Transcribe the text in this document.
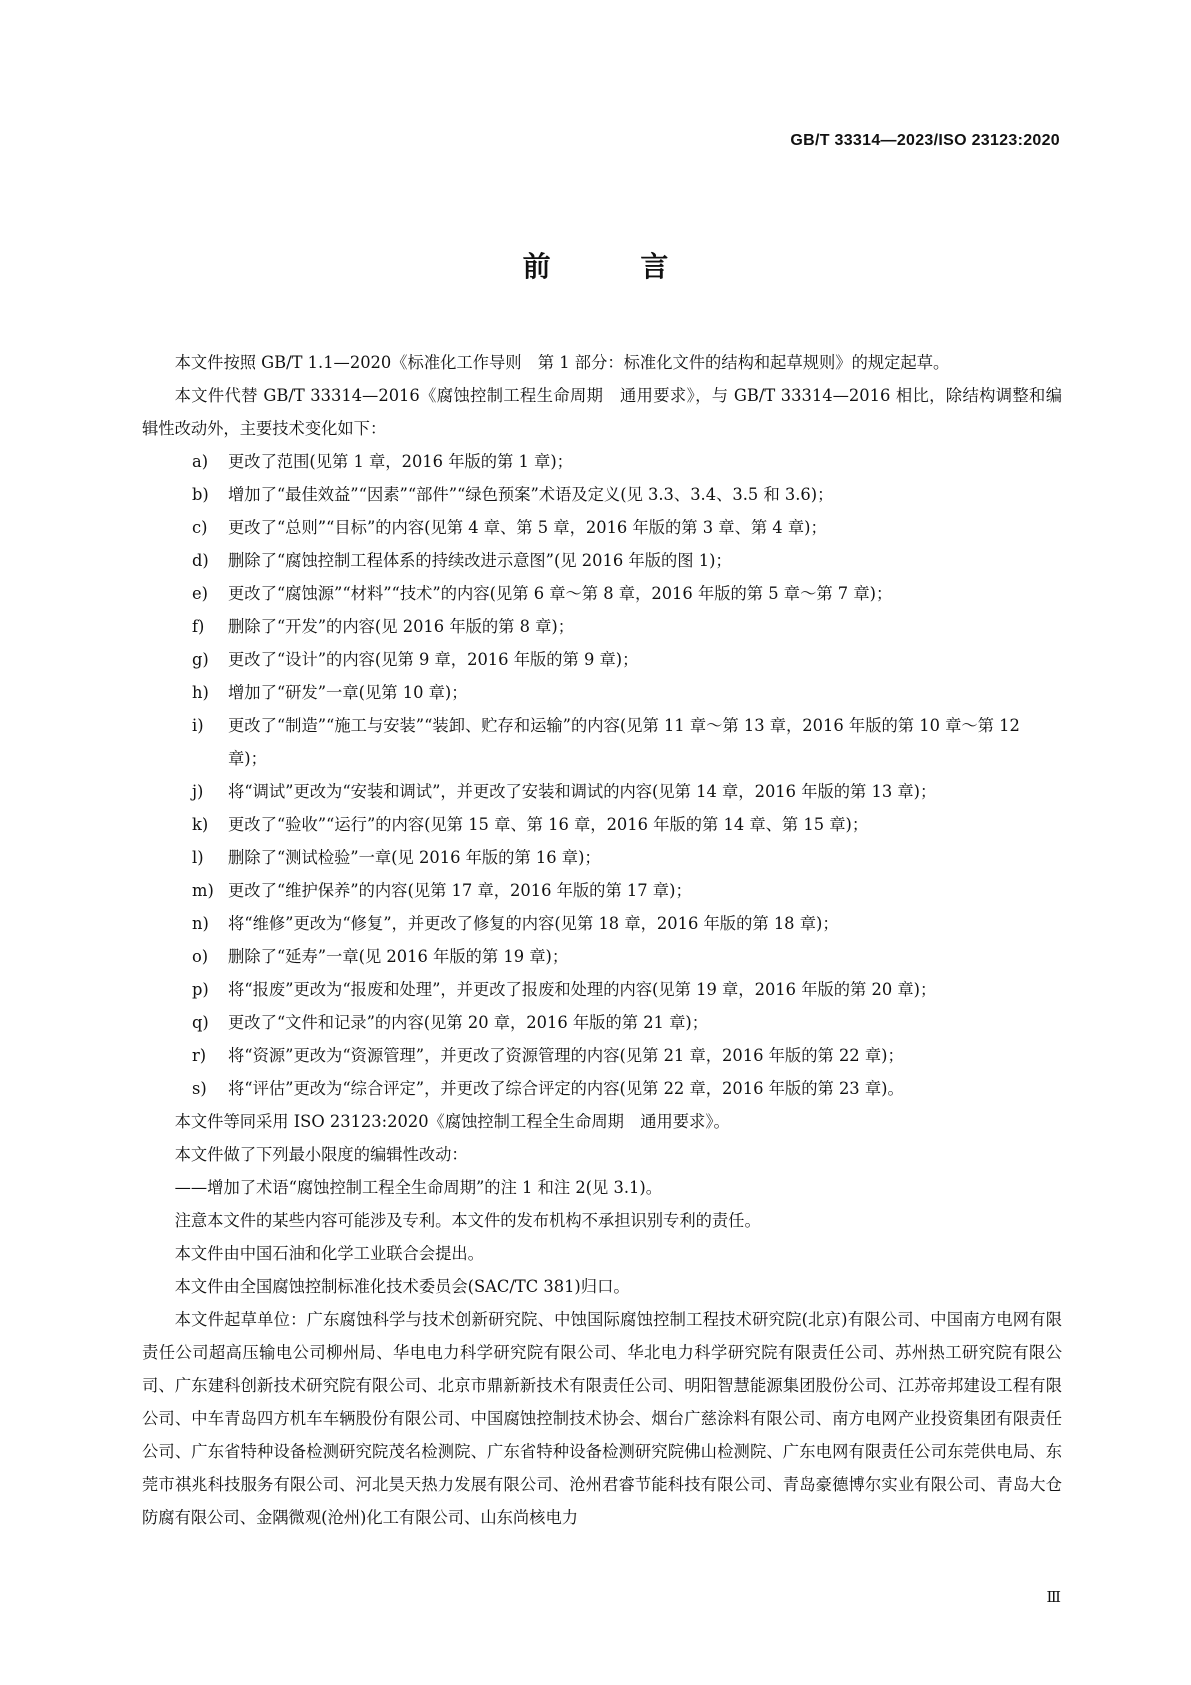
GB/T 33314—2023/ISO 23123:2020
前 言

本文件按照 GB/T 1.1—2020《标准化工作导则　第 1 部分：标准化文件的结构和起草规则》的规定起草。

本文件代替 GB/T 33314—2016《腐蚀控制工程生命周期　通用要求》，与 GB/T 33314—2016 相比，除结构调整和编辑性改动外，主要技术变化如下：

a) 更改了范围(见第 1 章，2016 年版的第 1 章)；

b) 增加了“最佳效益”“因素”“部件”“绿色预案”术语及定义(见 3.3、3.4、3.5 和 3.6)；

c) 更改了“总则”“目标”的内容(见第 4 章、第 5 章，2016 年版的第 3 章、第 4 章)；

d) 删除了“腐蚀控制工程体系的持续改进示意图”(见 2016 年版的图 1)；

e) 更改了“腐蚀源”“材料”“技术”的内容(见第 6 章～第 8 章，2016 年版的第 5 章～第 7 章)；

f) 删除了“开发”的内容(见 2016 年版的第 8 章)；

g) 更改了“设计”的内容(见第 9 章，2016 年版的第 9 章)；

h) 增加了“研发”一章(见第 10 章)；

i) 更改了“制造”“施工与安装”“装卸、贮存和运输”的内容(见第 11 章～第 13 章，2016 年版的第 10 章～第 12 章)；

j) 将“调试”更改为“安装和调试”，并更改了安装和调试的内容(见第 14 章，2016 年版的第 13 章)；

k) 更改了“验收”“运行”的内容(见第 15 章、第 16 章，2016 年版的第 14 章、第 15 章)；

l) 删除了“测试检验”一章(见 2016 年版的第 16 章)；

m) 更改了“维护保养”的内容(见第 17 章，2016 年版的第 17 章)；

n) 将“维修”更改为“修复”，并更改了修复的内容(见第 18 章，2016 年版的第 18 章)；

o) 删除了“延寿”一章(见 2016 年版的第 19 章)；

p) 将“报废”更改为“报废和处理”，并更改了报废和处理的内容(见第 19 章，2016 年版的第 20 章)；

q) 更改了“文件和记录”的内容(见第 20 章，2016 年版的第 21 章)；

r) 将“资源”更改为“资源管理”，并更改了资源管理的内容(见第 21 章，2016 年版的第 22 章)；

s) 将“评估”更改为“综合评定”，并更改了综合评定的内容(见第 22 章，2016 年版的第 23 章)。

本文件等同采用 ISO 23123:2020《腐蚀控制工程全生命周期　通用要求》。

本文件做了下列最小限度的编辑性改动：

——增加了术语“腐蚀控制工程全生命周期”的注 1 和注 2(见 3.1)。

注意本文件的某些内容可能涉及专利。本文件的发布机构不承担识别专利的责任。

本文件由中国石油和化学工业联合会提出。

本文件由全国腐蚀控制标准化技术委员会(SAC/TC 381)归口。

本文件起草单位：广东腐蚀科学与技术创新研究院、中蚀国际腐蚀控制工程技术研究院(北京)有限公司、中国南方电网有限责任公司超高压输电公司柳州局、华电电力科学研究院有限公司、华北电力科学研究院有限责任公司、苏州热工研究院有限公司、广东建科创新技术研究院有限公司、北京市鼎新新技术有限责任公司、明阳智慧能源集团股份公司、江苏帝邦建设工程有限公司、中车青岛四方机车车辆股份有限公司、中国腐蚀控制技术协会、烟台广慈涂料有限公司、南方电网产业投资集团有限责任公司、广东省特种设备检测研究院茂名检测院、广东省特种设备检测研究院佛山检测院、广东电网有限责任公司东莞供电局、东莞市祺兆科技服务有限公司、河北昊天热力发展有限公司、沧州君睿节能科技有限公司、青岛豪德博尔实业有限公司、青岛大仓防腐有限公司、金隅微观(沧州)化工有限公司、山东尚核电力

Ⅲ
